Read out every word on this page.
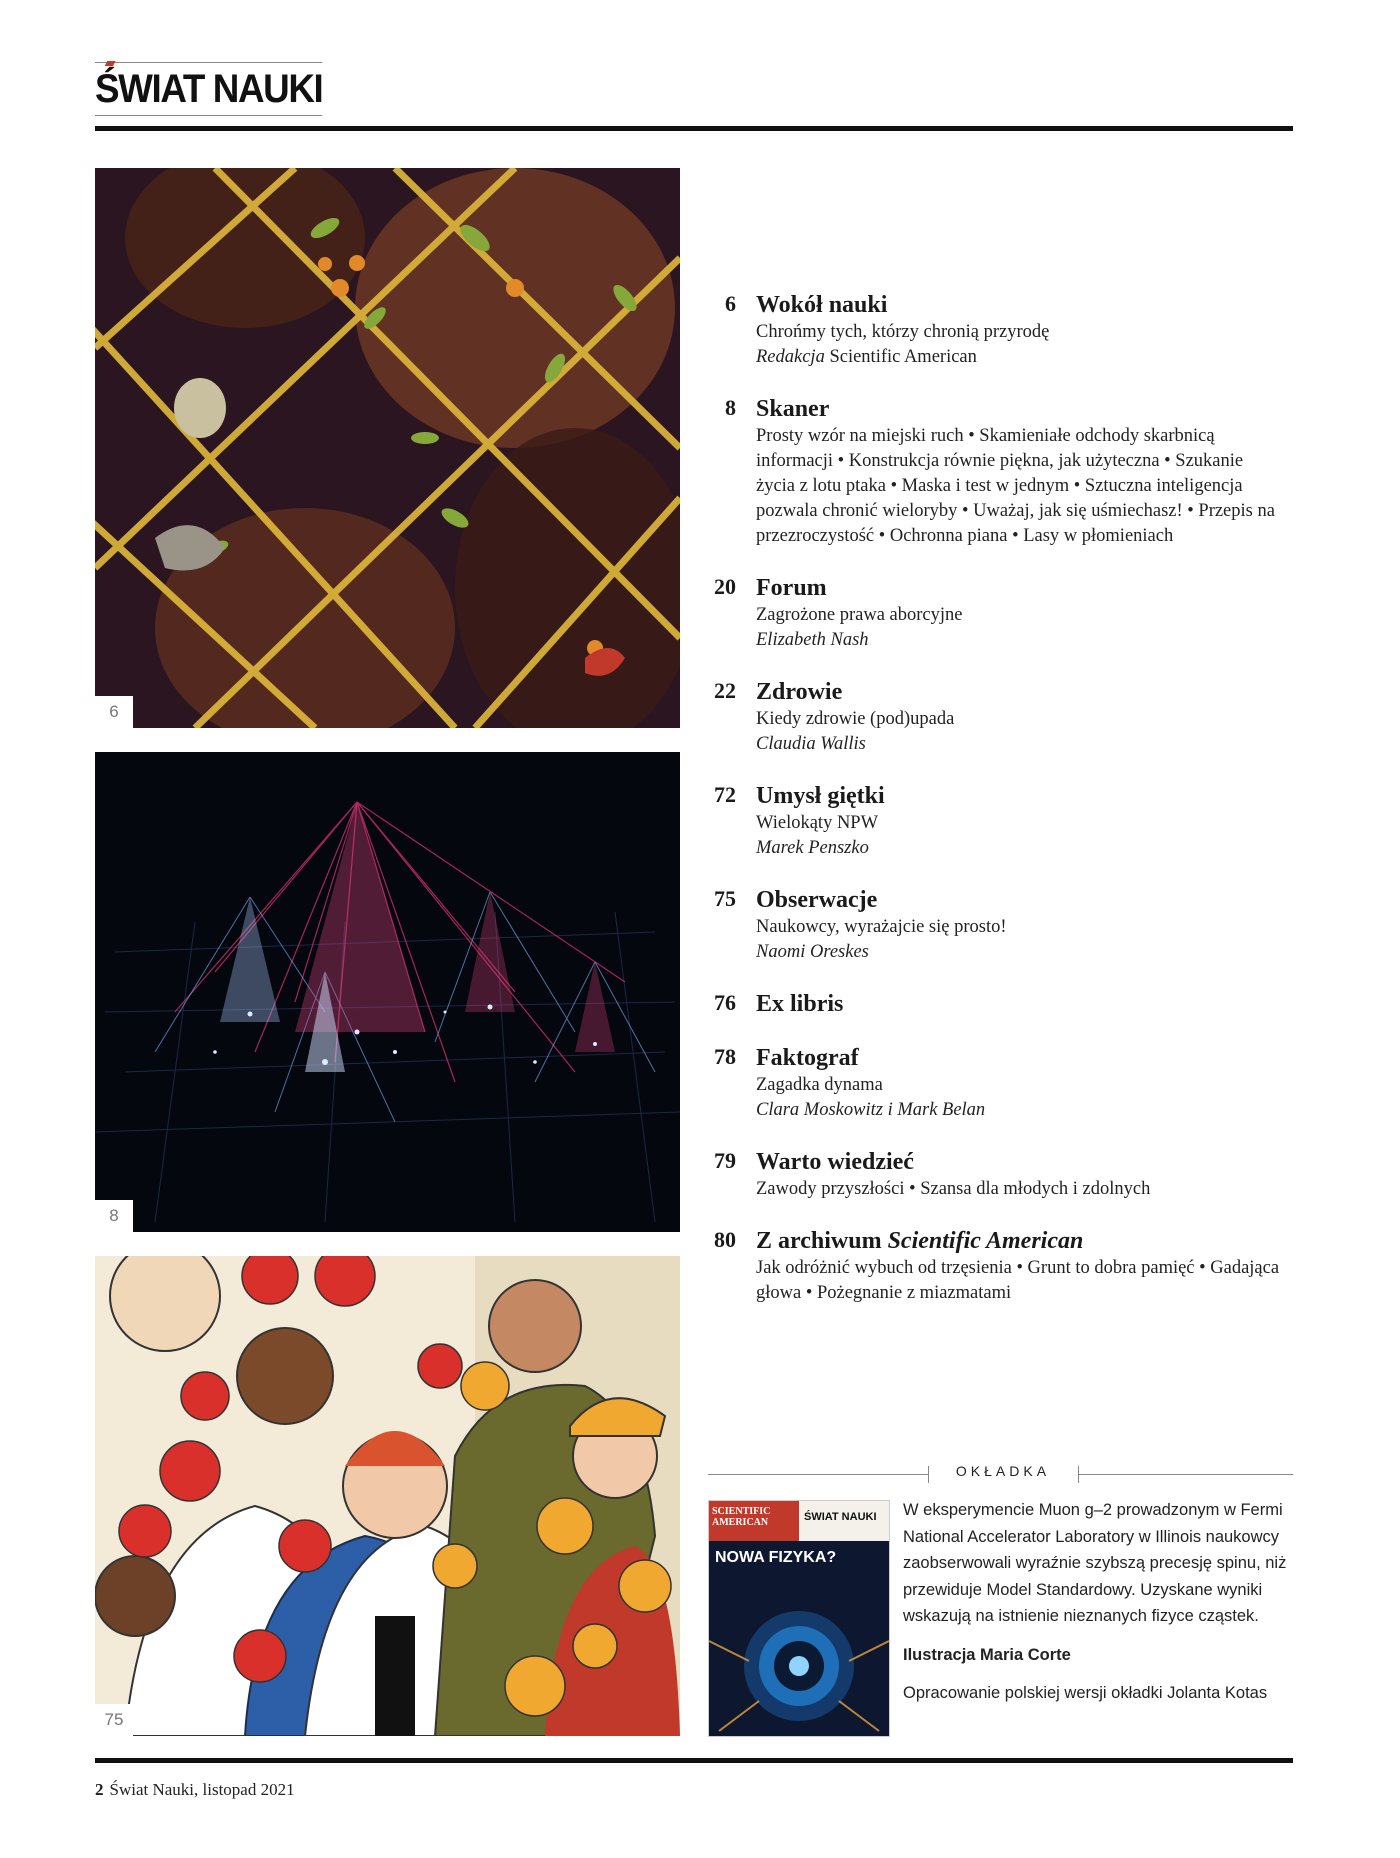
ŚWIAT NAUKI
6
8
75
6 Wokół nauki
Chrońmy tych, którzy chronią przyrodę
Redakcja Scientific American
8 Skaner
Prosty wzór na miejski ruch • Skamieniałe odchody skarbnicą informacji • Konstrukcja równie piękna, jak użyteczna • Szukanie życia z lotu ptaka • Maska i test w jednym • Sztuczna inteligencja pozwala chronić wieloryby • Uważaj, jak się uśmiechasz! • Przepis na przezroczystość • Ochronna piana • Lasy w płomieniach
20 Forum
Zagrożone prawa aborcyjne
Elizabeth Nash
22 Zdrowie
Kiedy zdrowie (pod)upada
Claudia Wallis
72 Umysł giętki
Wielokąty NPW
Marek Penszko
75 Obserwacje
Naukowcy, wyrażajcie się prosto!
Naomi Oreskes
76 Ex libris
78 Faktograf
Zagadka dynama
Clara Moskowitz i Mark Belan
79 Warto wiedzieć
Zawody przyszłości • Szansa dla młodych i zdolnych
80 Z archiwum Scientific American
Jak odróżnić wybuch od trzęsienia • Grunt to dobra pamięć • Gadająca głowa • Pożegnanie z miazmatami
OKŁADKA
SCIENTIFIC AMERICAN	ŚWIAT NAUKI
NOWA FIZYKA?
W eksperymencie Muon g–2 prowadzonym w Fermi National Accelerator Laboratory w Illinois naukowcy zaobserwowali wyraźnie szybszą precesję spinu, niż przewiduje Model Standardowy. Uzyskane wyniki wskazują na istnienie nieznanych fizyce cząstek.
Ilustracja Maria Corte
Opracowanie polskiej wersji okładki Jolanta Kotas
2 Świat Nauki, listopad 2021
